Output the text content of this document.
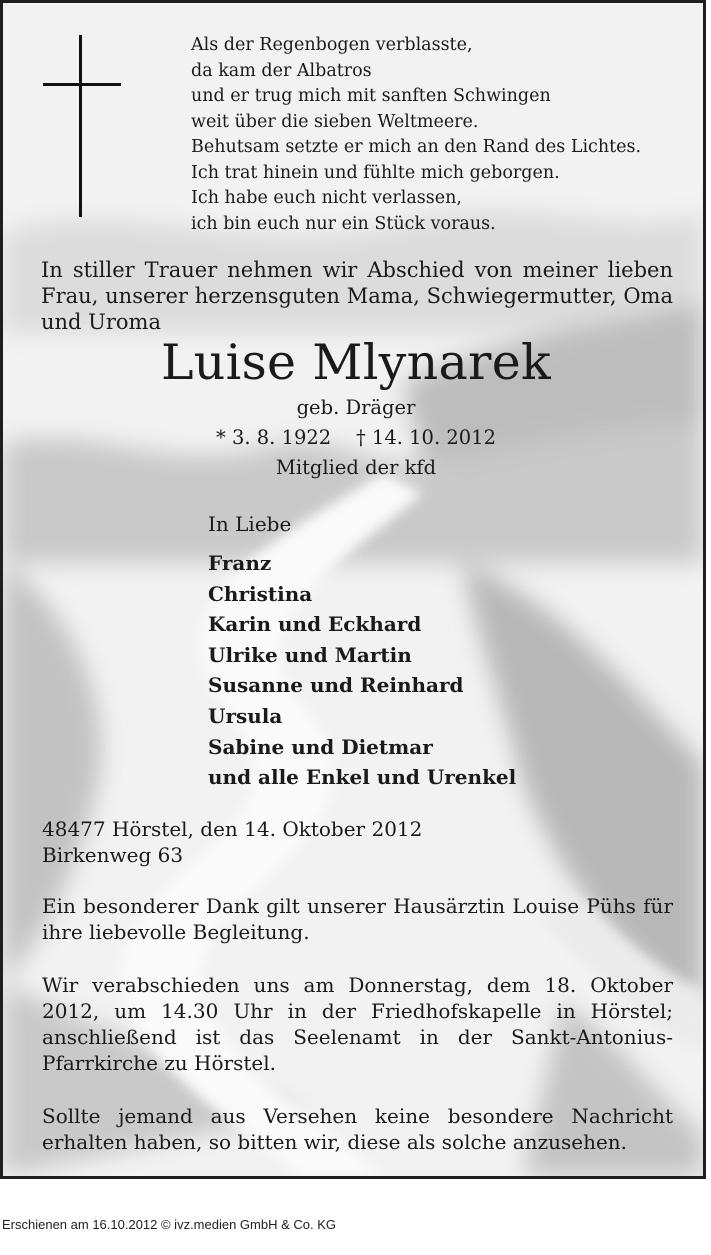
Als der Regenbogen verblasste,
da kam der Albatros
und er trug mich mit sanften Schwingen
weit über die sieben Weltmeere.
Behutsam setzte er mich an den Rand des Lichtes.
Ich trat hinein und fühlte mich geborgen.
Ich habe euch nicht verlassen,
ich bin euch nur ein Stück voraus.
In stiller Trauer nehmen wir Abschied von meiner lieben Frau, unserer herzensguten Mama, Schwiegermutter, Oma und Uroma
Luise Mlynarek
geb. Dräger
* 3. 8. 1922 † 14. 10. 2012
Mitglied der kfd
In Liebe
Franz
Christina
Karin und Eckhard
Ulrike und Martin
Susanne und Reinhard
Ursula
Sabine und Dietmar
und alle Enkel und Urenkel
48477 Hörstel, den 14. Oktober 2012
Birkenweg 63
Ein besonderer Dank gilt unserer Hausärztin Louise Pühs für ihre liebevolle Begleitung.
Wir verabschieden uns am Donnerstag, dem 18. Oktober 2012, um 14.30 Uhr in der Friedhofskapelle in Hörstel; anschließend ist das Seelenamt in der Sankt-Antonius-Pfarrkirche zu Hörstel.
Sollte jemand aus Versehen keine besondere Nachricht erhalten haben, so bitten wir, diese als solche anzusehen.
Erschienen am 16.10.2012 © ivz.medien GmbH & Co. KG
